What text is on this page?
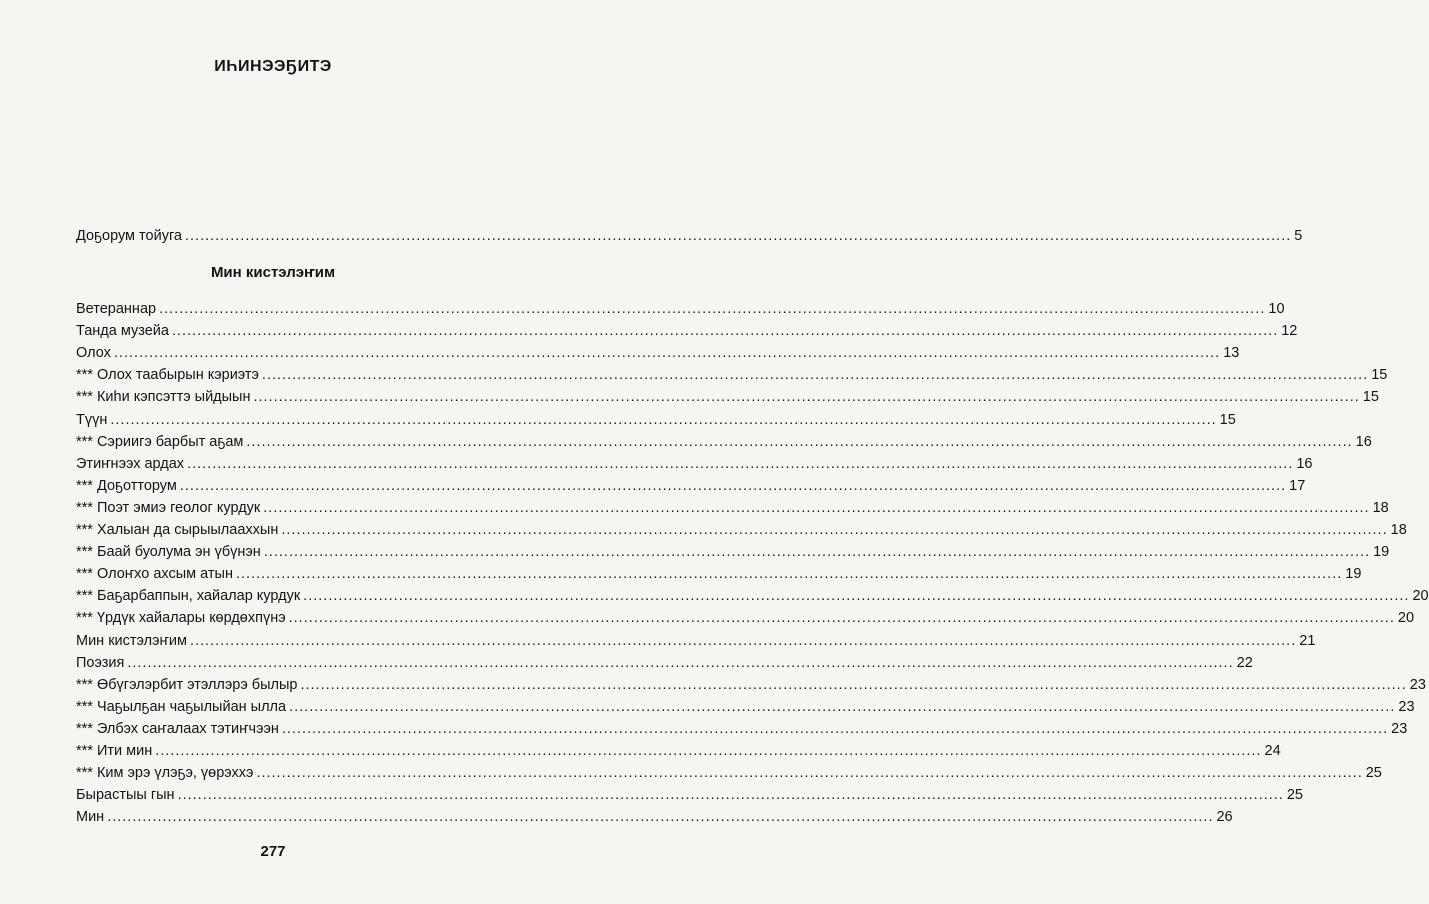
ИҺИНЭЭҔИТЭ
Доҕорум тойуга ............................................................................................................................................................................................................................ 5
Мин кистэлэҥим
Ветераннар ............................................................................................................................................................................................................................ 10
Танда музейа ............................................................................................................................................................................................................................ 12
Олох ............................................................................................................................................................................................................................ 13
*** Олох таабырын кэриэтэ ............................................................................................................................................................................................................................ 15
*** Киһи кэпсэттэ ыйдыын ............................................................................................................................................................................................................................ 15
Түүн ............................................................................................................................................................................................................................ 15
*** Сэриигэ барбыт аҕам ............................................................................................................................................................................................................................ 16
Этиҥнээх ардах ............................................................................................................................................................................................................................ 16
*** Доҕотторум ............................................................................................................................................................................................................................ 17
*** Поэт эмиэ геолог курдук ............................................................................................................................................................................................................................ 18
*** Халыан да сырыылааххын ............................................................................................................................................................................................................................ 18
*** Баай буолума эн үбүнэн ............................................................................................................................................................................................................................ 19
*** Олоҥхо ахсым атын ............................................................................................................................................................................................................................ 19
*** Баҕарбаппын, хайалар курдук ............................................................................................................................................................................................................................ 20
*** Үрдүк хайалары көрдөхпүнэ ............................................................................................................................................................................................................................ 20
Мин кистэлэҥим ............................................................................................................................................................................................................................ 21
Поэзия ............................................................................................................................................................................................................................ 22
*** Өбүгэлэрбит этэллэрэ былыр ............................................................................................................................................................................................................................ 23
*** Чаҕылҕан чаҕылыйан ылла ............................................................................................................................................................................................................................ 23
*** Элбэх саҥалаах тэтиҥчээн ............................................................................................................................................................................................................................ 23
*** Ити мин ............................................................................................................................................................................................................................ 24
*** Ким эрэ үлэҕэ, үөрэххэ ............................................................................................................................................................................................................................ 25
Бырастыы гын ............................................................................................................................................................................................................................ 25
Мин ............................................................................................................................................................................................................................ 26
277
